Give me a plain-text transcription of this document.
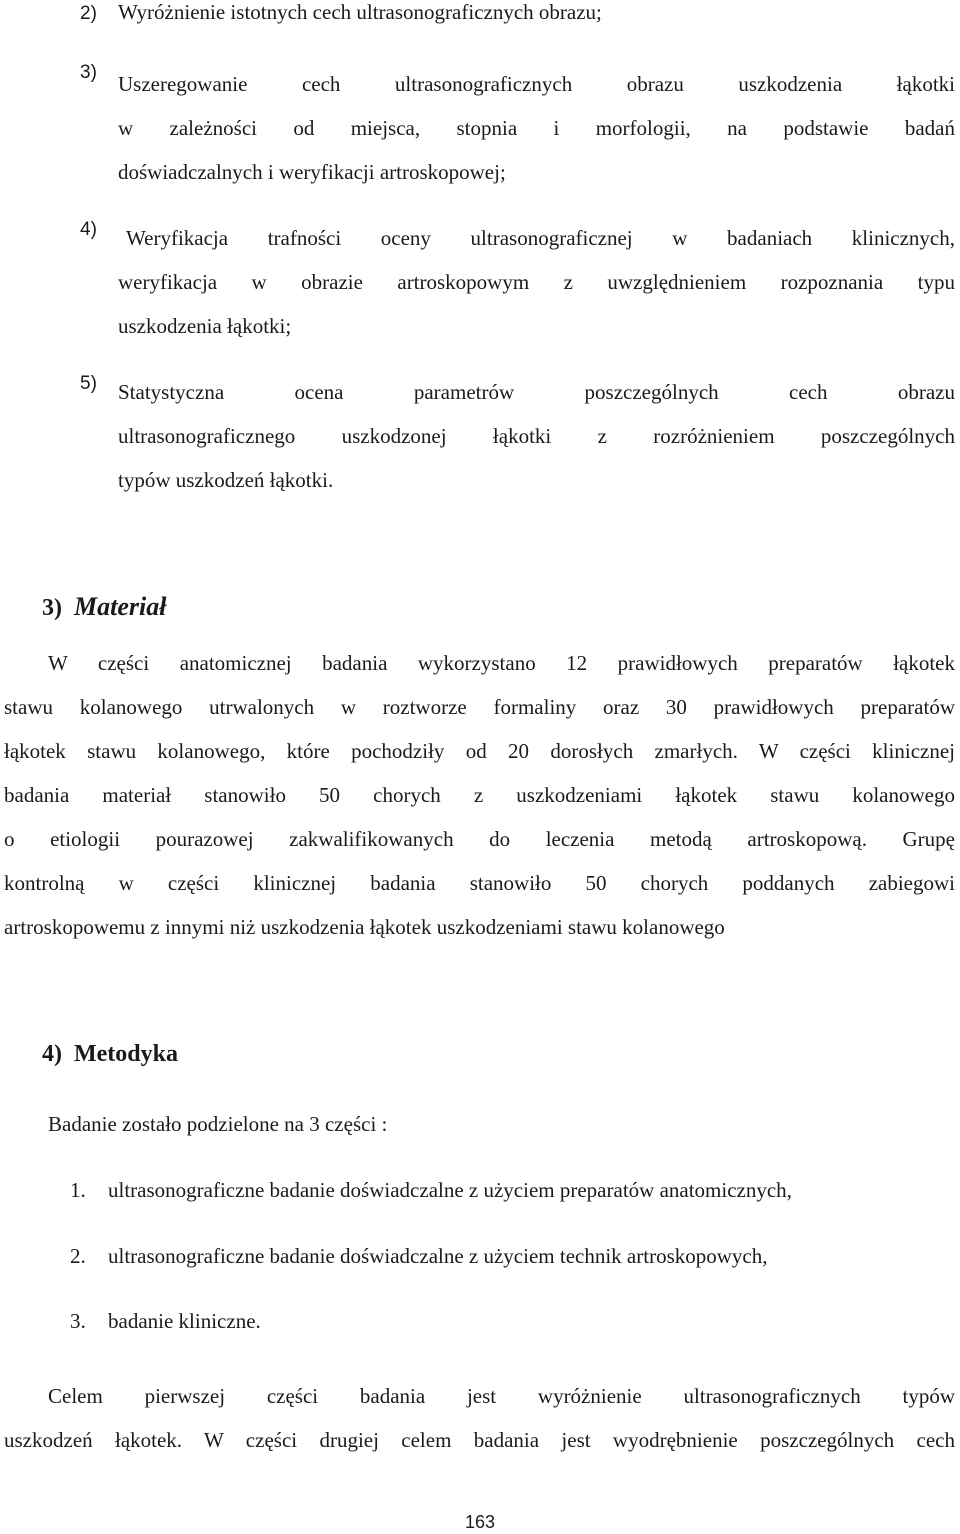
2) Wyróżnienie istotnych cech ultrasonograficznych obrazu;
3) Uszeregowanie cech ultrasonograficznych obrazu uszkodzenia łąkotki
w zależności od miejsca, stopnia i morfologii, na podstawie badań
doświadczalnych i weryfikacji artroskopowej;
4)	Weryfikacja trafności oceny ultrasonograficznej w badaniach klinicznych,
weryfikacja w obrazie artroskopowym z uwzględnieniem rozpoznania typu
uszkodzenia łąkotki;
5) Statystyczna ocena parametrów poszczególnych cech obrazu
ultrasonograficznego uszkodzonej łąkotki z rozróżnieniem poszczególnych
typów uszkodzeń łąkotki.
3) Materiał
W części anatomicznej badania wykorzystano 12 prawidłowych preparatów łąkotek
stawu kolanowego utrwalonych w roztworze formaliny oraz 30 prawidłowych preparatów
łąkotek stawu kolanowego, które pochodziły od 20 dorosłych zmarłych. W części klinicznej
badania materiał stanowiło 50 chorych z uszkodzeniami łąkotek stawu kolanowego
o etiologii pourazowej zakwalifikowanych do leczenia metodą artroskopową. Grupę
kontrolną w części klinicznej badania stanowiło 50 chorych poddanych zabiegowi
artroskopowemu z innymi niż uszkodzenia łąkotek uszkodzeniami stawu kolanowego
4) Metodyka
Badanie zostało podzielone na 3 części :
1. ultrasonograficzne badanie doświadczalne z użyciem preparatów anatomicznych,
2. ultrasonograficzne badanie doświadczalne z użyciem technik artroskopowych,
3. badanie kliniczne.
Celem pierwszej części badania jest wyróżnienie ultrasonograficznych typów
uszkodzeń łąkotek. W części drugiej celem badania jest wyodrębnienie poszczególnych cech
163
